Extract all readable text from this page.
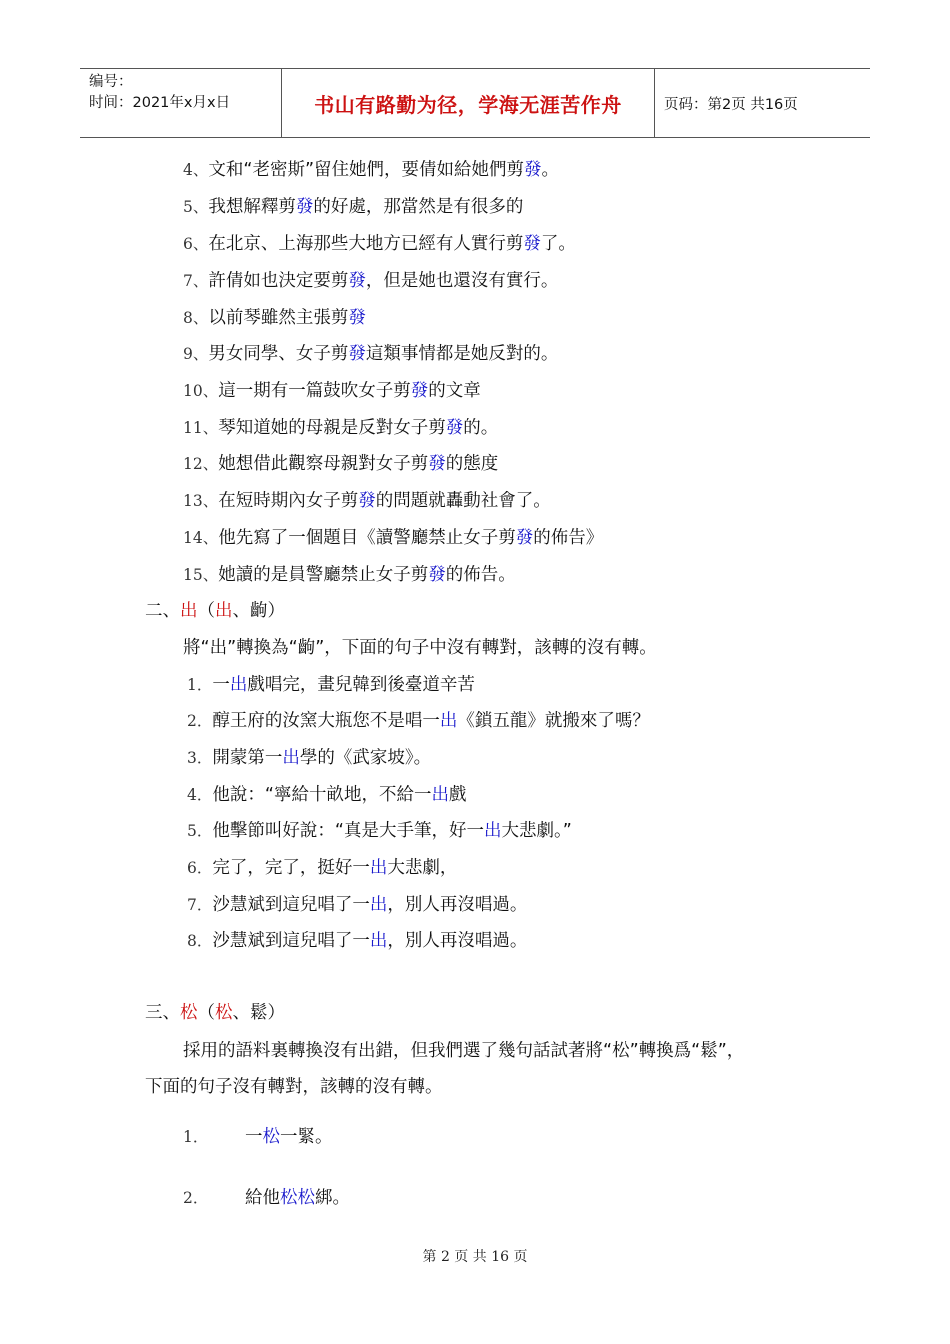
编号：
时间：2021年x月x日	书山有路勤为径，学海无涯苦作舟	页码：第2页 共16页
4、文和“老密斯”留住她們，要倩如給她們剪發。
5、我想解釋剪發的好處，那當然是有很多的
6、在北京、上海那些大地方已經有人實行剪發了。
7、許倩如也決定要剪發，但是她也還沒有實行。
8、以前琴雖然主張剪發
9、男女同學、女子剪發這類事情都是她反對的。
10、這一期有一篇鼓吹女子剪發的文章
11、琴知道她的母親是反對女子剪發的。
12、她想借此觀察母親對女子剪發的態度
13、在短時期內女子剪發的問題就轟動社會了。
14、他先寫了一個題目《讀警廳禁止女子剪發的佈告》
15、她讀的是員警廳禁止女子剪發的佈告。
二、出（出、齣）
將“出”轉換為“齣”，下面的句子中沒有轉對，該轉的沒有轉。
1．一出戲唱完，畫兒韓到後臺道辛苦
2．醇王府的汝窯大瓶您不是唱一出《鎖五龍》就搬來了嗎？
3．開蒙第一出學的《武家坡》。
4．他說：“寧給十畝地，不給一出戲
5．他擊節叫好說：“真是大手筆，好一出大悲劇。”
6．完了，完了，挺好一出大悲劇，
7．沙慧斌到這兒唱了一出，別人再沒唱過。
8．沙慧斌到這兒唱了一出，別人再沒唱過。
三、松（松、鬆）
採用的語料裏轉換沒有出錯，但我們選了幾句話試著將“松”轉換爲“鬆”，
下面的句子沒有轉對，該轉的沒有轉。
1． 一松一緊。
2． 給他松松綁。
第 2 页 共 16 页
